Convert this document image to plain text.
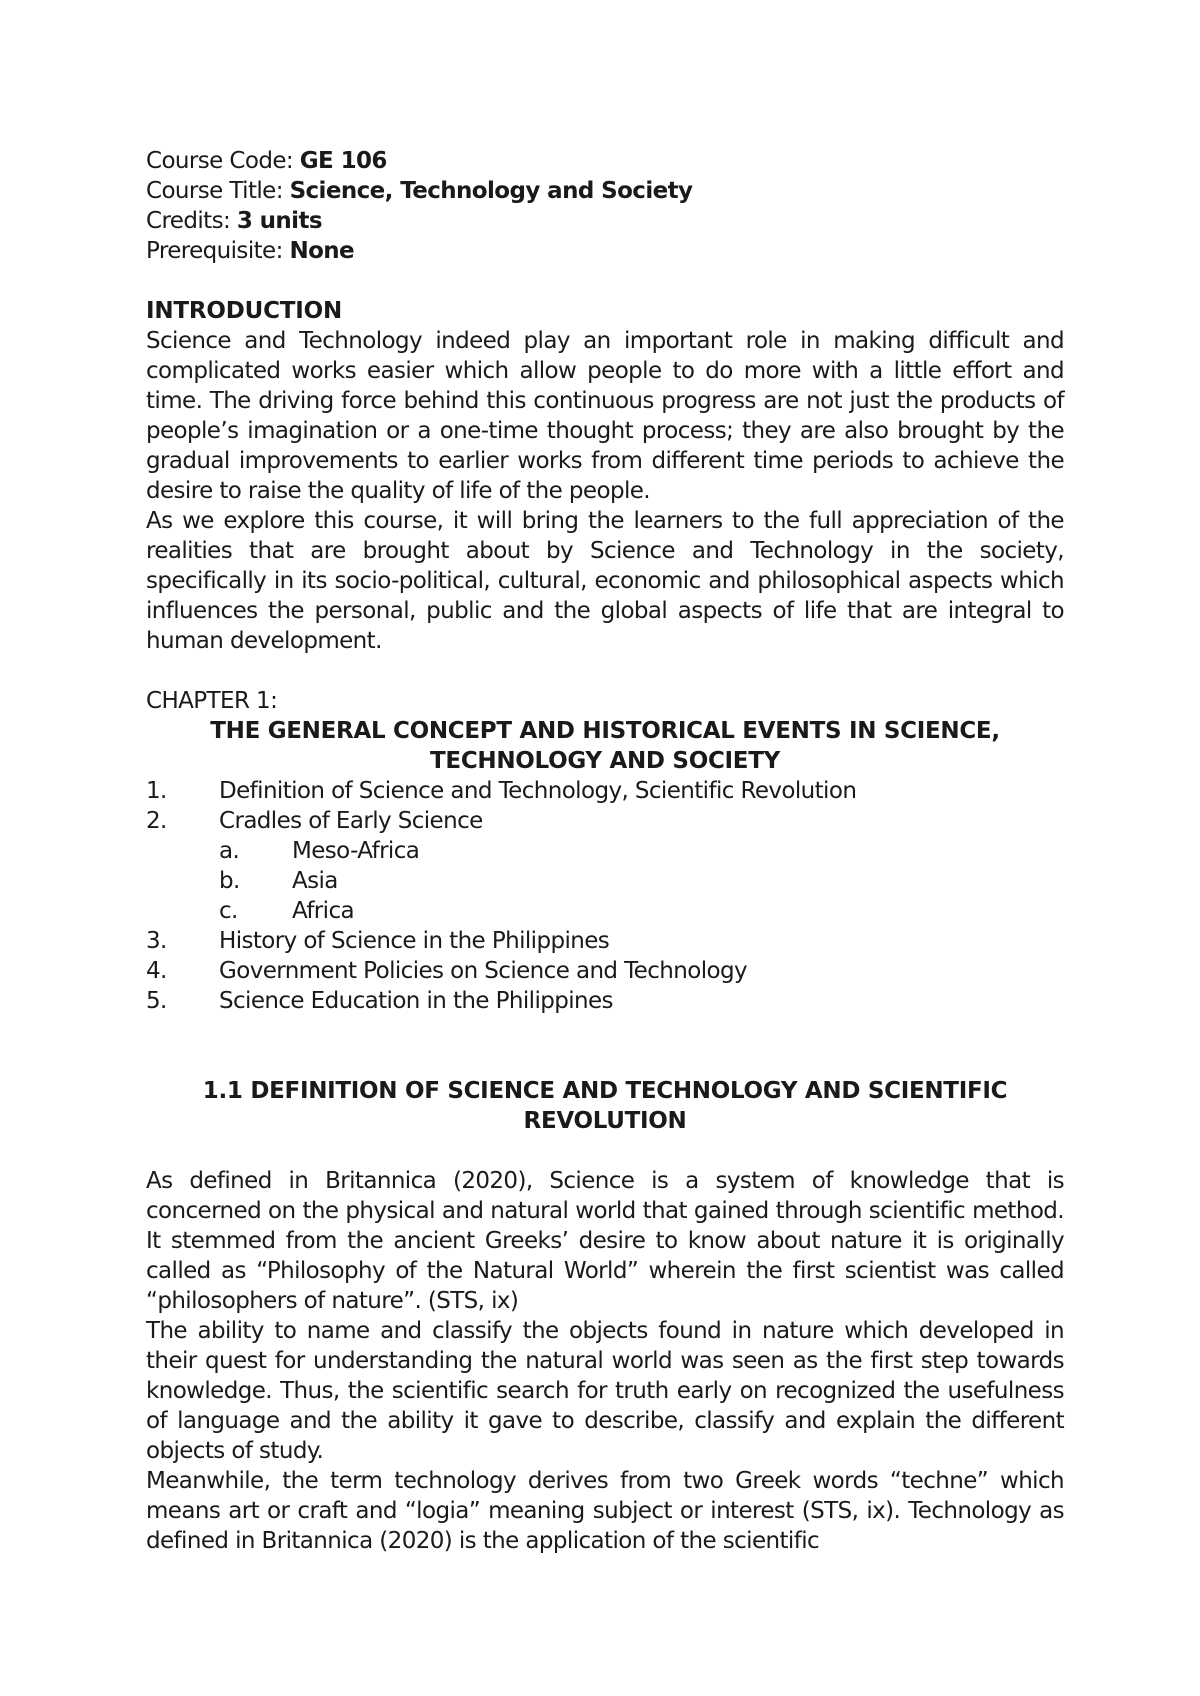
Course Code: GE 106

Course Title: Science, Technology and Society

Credits: 3 units

Prerequisite: None

INTRODUCTION

Science and Technology indeed play an important role in making difficult and complicated works easier which allow people to do more with a little effort and time. The driving force behind this continuous progress are not just the products of people’s imagination or a one-time thought process; they are also brought by the gradual improvements to earlier works from different time periods to achieve the desire to raise the quality of life of the people.

As we explore this course, it will bring the learners to the full appreciation of the realities that are brought about by Science and Technology in the society, specifically in its socio-political, cultural, economic and philosophical aspects which influences the personal, public and the global aspects of life that are integral to human development.

CHAPTER 1:

THE GENERAL CONCEPT AND HISTORICAL EVENTS IN SCIENCE, TECHNOLOGY AND SOCIETY

1.	Definition of Science and Technology, Scientific Revolution
2.	Cradles of Early Science
a.	Meso-Africa
b.	Asia
c.	Africa
3.	History of Science in the Philippines
4.	Government Policies on Science and Technology
5.	Science Education in the Philippines

1.1 DEFINITION OF SCIENCE AND TECHNOLOGY AND SCIENTIFIC REVOLUTION

As defined in Britannica (2020), Science is a system of knowledge that is concerned on the physical and natural world that gained through scientific method. It stemmed from the ancient Greeks’ desire to know about nature it is originally called as “Philosophy of the Natural World” wherein the first scientist was called “philosophers of nature”. (STS, ix)

The ability to name and classify the objects found in nature which developed in their quest for understanding the natural world was seen as the first step towards knowledge. Thus, the scientific search for truth early on recognized the usefulness of language and the ability it gave to describe, classify and explain the different objects of study.

Meanwhile, the term technology derives from two Greek words “techne” which means art or craft and “logia” meaning subject or interest (STS, ix). Technology as defined in Britannica (2020) is the application of the scientific
